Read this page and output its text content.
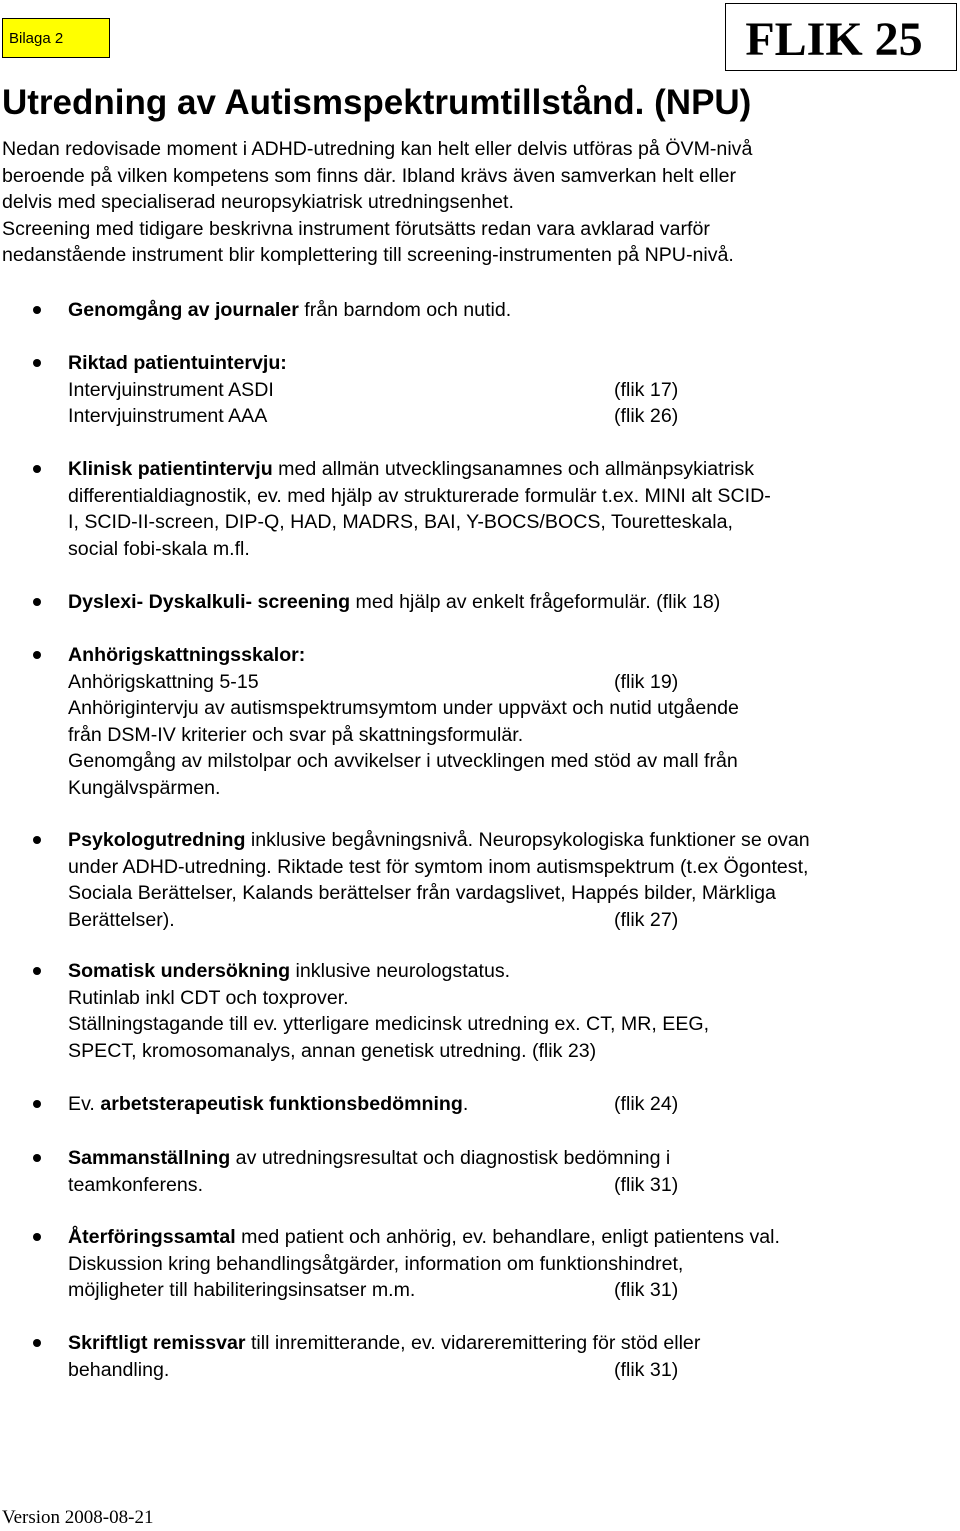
Bilaga 2	FLIK 25
Utredning av Autismspektrumtillstånd. (NPU)
Nedan redovisade moment i ADHD-utredning kan helt eller delvis utföras på ÖVM-nivå
beroende på vilken kompetens som finns där. Ibland krävs även samverkan helt eller
delvis med specialiserad neuropsykiatrisk utredningsenhet.
Screening med tidigare beskrivna instrument förutsätts redan vara avklarad varför
nedanstående instrument blir komplettering till screening-instrumenten på NPU-nivå.
Genomgång av journaler från barndom och nutid.
Riktad patientuintervju:
Intervjuinstrument ASDI	(flik 17)
Intervjuinstrument AAA	(flik 26)
Klinisk patientintervju med allmän utvecklingsanamnes och allmänpsykiatrisk
differentialdiagnostik, ev. med hjälp av strukturerade formulär t.ex. MINI alt SCID-
I, SCID-II-screen, DIP-Q, HAD, MADRS, BAI, Y-BOCS/BOCS, Touretteskala,
social fobi-skala m.fl.
Dyslexi- Dyskalkuli- screening med hjälp av enkelt frågeformulär. (flik 18)
Anhörigskattningsskalor:
Anhörigskattning 5-15	(flik 19)
Anhörigintervju av autismspektrumsymtom under uppväxt och nutid utgående
från DSM-IV kriterier och svar på skattningsformulär.
Genomgång av milstolpar och avvikelser i utvecklingen med stöd av mall från
Kungälvspärmen.
Psykologutredning inklusive begåvningsnivå. Neuropsykologiska funktioner se ovan
under ADHD-utredning. Riktade test för symtom inom autismspektrum (t.ex Ögontest,
Sociala Berättelser, Kalands berättelser från vardagslivet, Happés bilder, Märkliga
Berättelser).	(flik 27)
Somatisk undersökning inklusive neurologstatus.
Rutinlab inkl CDT och toxprover.
Ställningstagande till ev. ytterligare medicinsk utredning ex. CT, MR, EEG,
SPECT, kromosomanalys, annan genetisk utredning. (flik 23)
Ev. arbetsterapeutisk funktionsbedömning.	(flik 24)
Sammanställning av utredningsresultat och diagnostisk bedömning i
teamkonferens.	(flik 31)
Återföringssamtal med patient och anhörig, ev. behandlare, enligt patientens val.
Diskussion kring behandlingsåtgärder, information om funktionshindret,
möjligheter till habiliteringsinsatser m.m.	(flik 31)
Skriftligt remissvar till inremitterande, ev. vidareremittering för stöd eller
behandling.	(flik 31)

Version 2008-08-21
